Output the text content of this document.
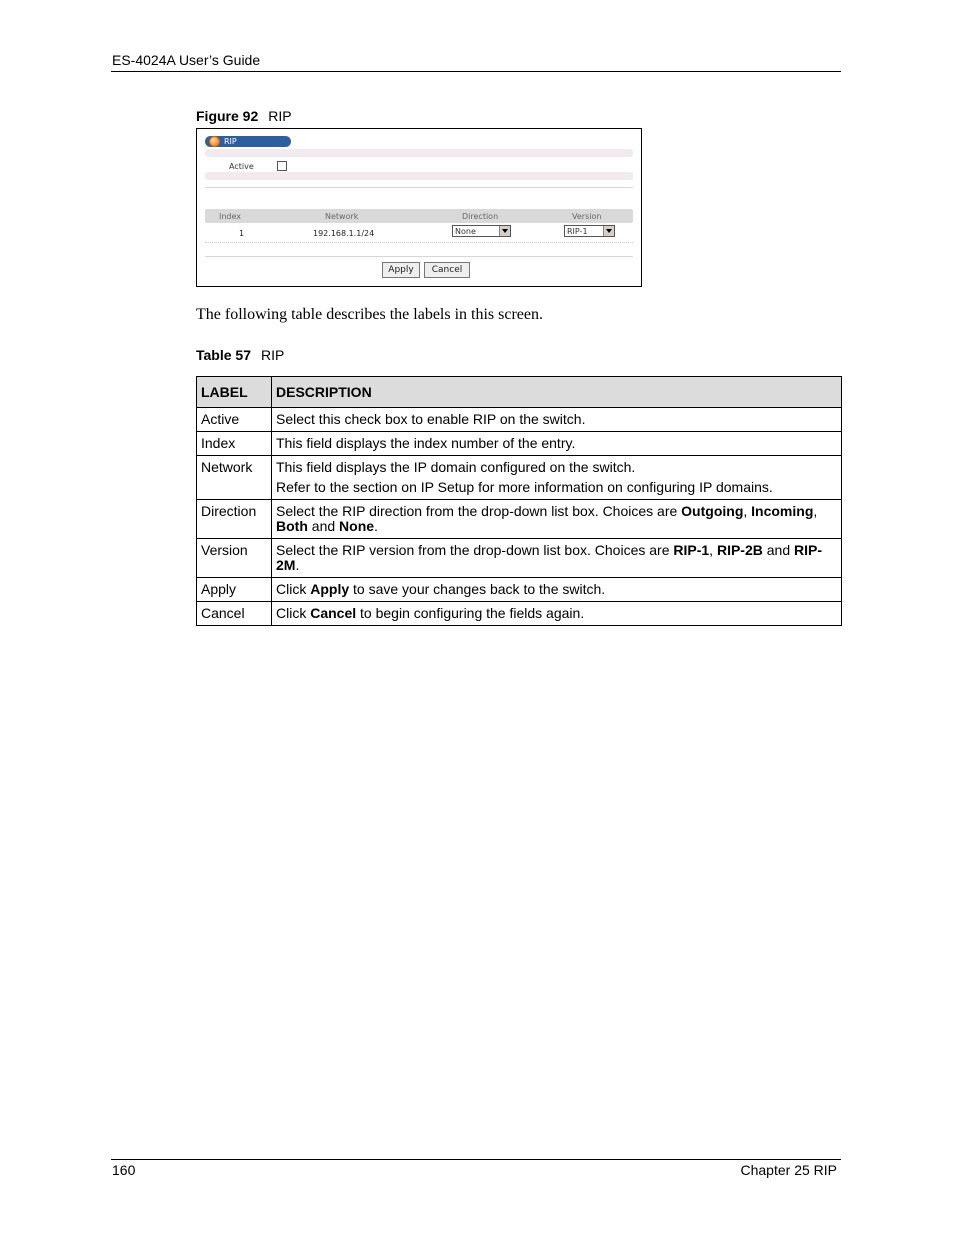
ES-4024A User’s Guide
Figure 92 RIP
RIP
Active
Index	Network	Direction	Version
1	192.168.1.1/24	None	RIP-1
Apply	Cancel
The following table describes the labels in this screen.
Table 57 RIP
LABEL	DESCRIPTION
Active	Select this check box to enable RIP on the switch.
Index	This field displays the index number of the entry.
Network	This field displays the IP domain configured on the switch.
Refer to the section on IP Setup for more information on configuring IP domains.

Direction	Select the RIP direction from the drop-down list box. Choices are Outgoing, Incoming, Both and None.
Version	Select the RIP version from the drop-down list box. Choices are RIP-1, RIP-2B and RIP-2M.
Apply	Click Apply to save your changes back to the switch.
Cancel	Click Cancel to begin configuring the fields again.
160	Chapter 25 RIP
